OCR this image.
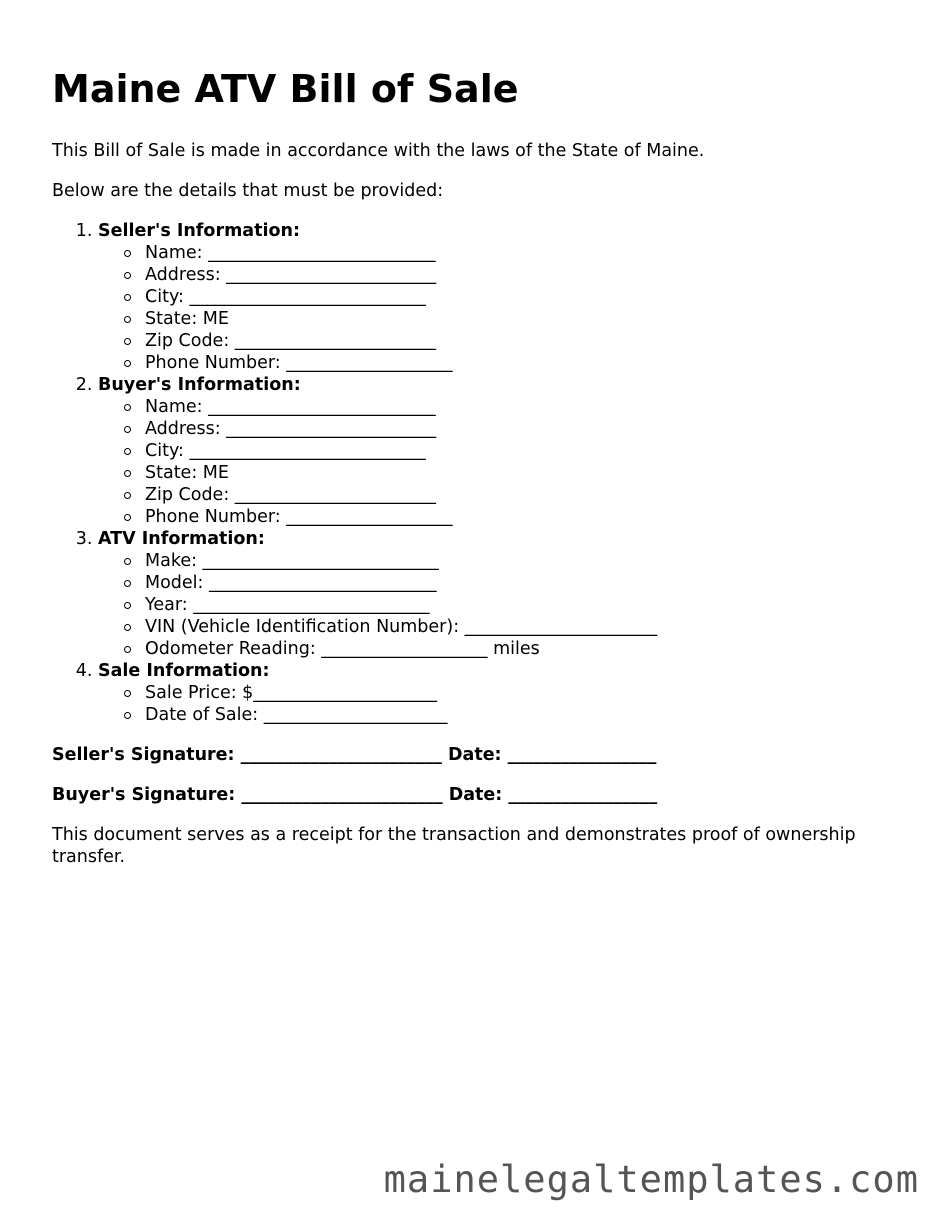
Maine ATV Bill of Sale

This Bill of Sale is made in accordance with the laws of the State of Maine.

Below are the details that must be provided:

1. Seller's Information:
Name: __________________________
Address: ________________________
City: ___________________________
State: ME
Zip Code: _______________________
Phone Number: ___________________
2. Buyer's Information:
Name: __________________________
Address: ________________________
City: ___________________________
State: ME
Zip Code: _______________________
Phone Number: ___________________
3. ATV Information:
Make: ___________________________
Model: __________________________
Year: ___________________________
VIN (Vehicle Identification Number): ______________________
Odometer Reading: ___________________ miles
4. Sale Information:
Sale Price: $_____________________
Date of Sale: _____________________

Seller's Signature: _______________________ Date: _________________

Buyer's Signature: _______________________ Date: _________________

This document serves as a receipt for the transaction and demonstrates proof of ownership transfer.

mainelegaltemplates.com
